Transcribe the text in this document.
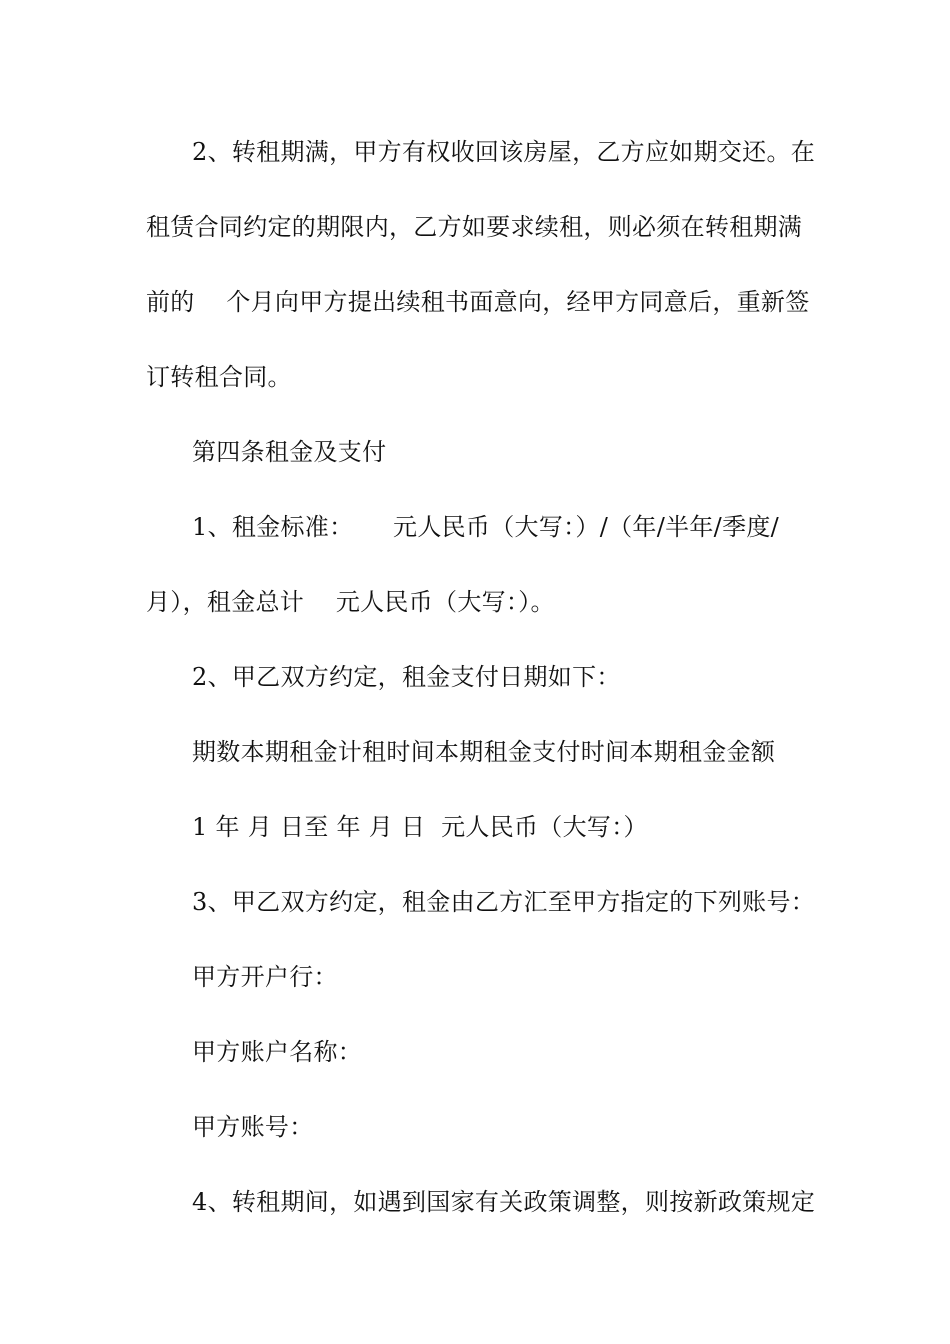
2、转租期满，甲方有权收回该房屋，乙方应如期交还。在
租赁合同约定的期限内，乙方如要求续租，则必须在转租期满
前的    个月向甲方提出续租书面意向，经甲方同意后，重新签
订转租合同。
第四条租金及支付
1、租金标准：     元人民币（大写：）/（年/半年/季度/
月），租金总计    元人民币（大写：）。
2、甲乙双方约定，租金支付日期如下：
期数本期租金计租时间本期租金支付时间本期租金金额
1 年 月 日至 年 月 日  元人民币（大写：）
3、甲乙双方约定，租金由乙方汇至甲方指定的下列账号：
甲方开户行：
甲方账户名称：
甲方账号：
4、转租期间，如遇到国家有关政策调整，则按新政策规定
